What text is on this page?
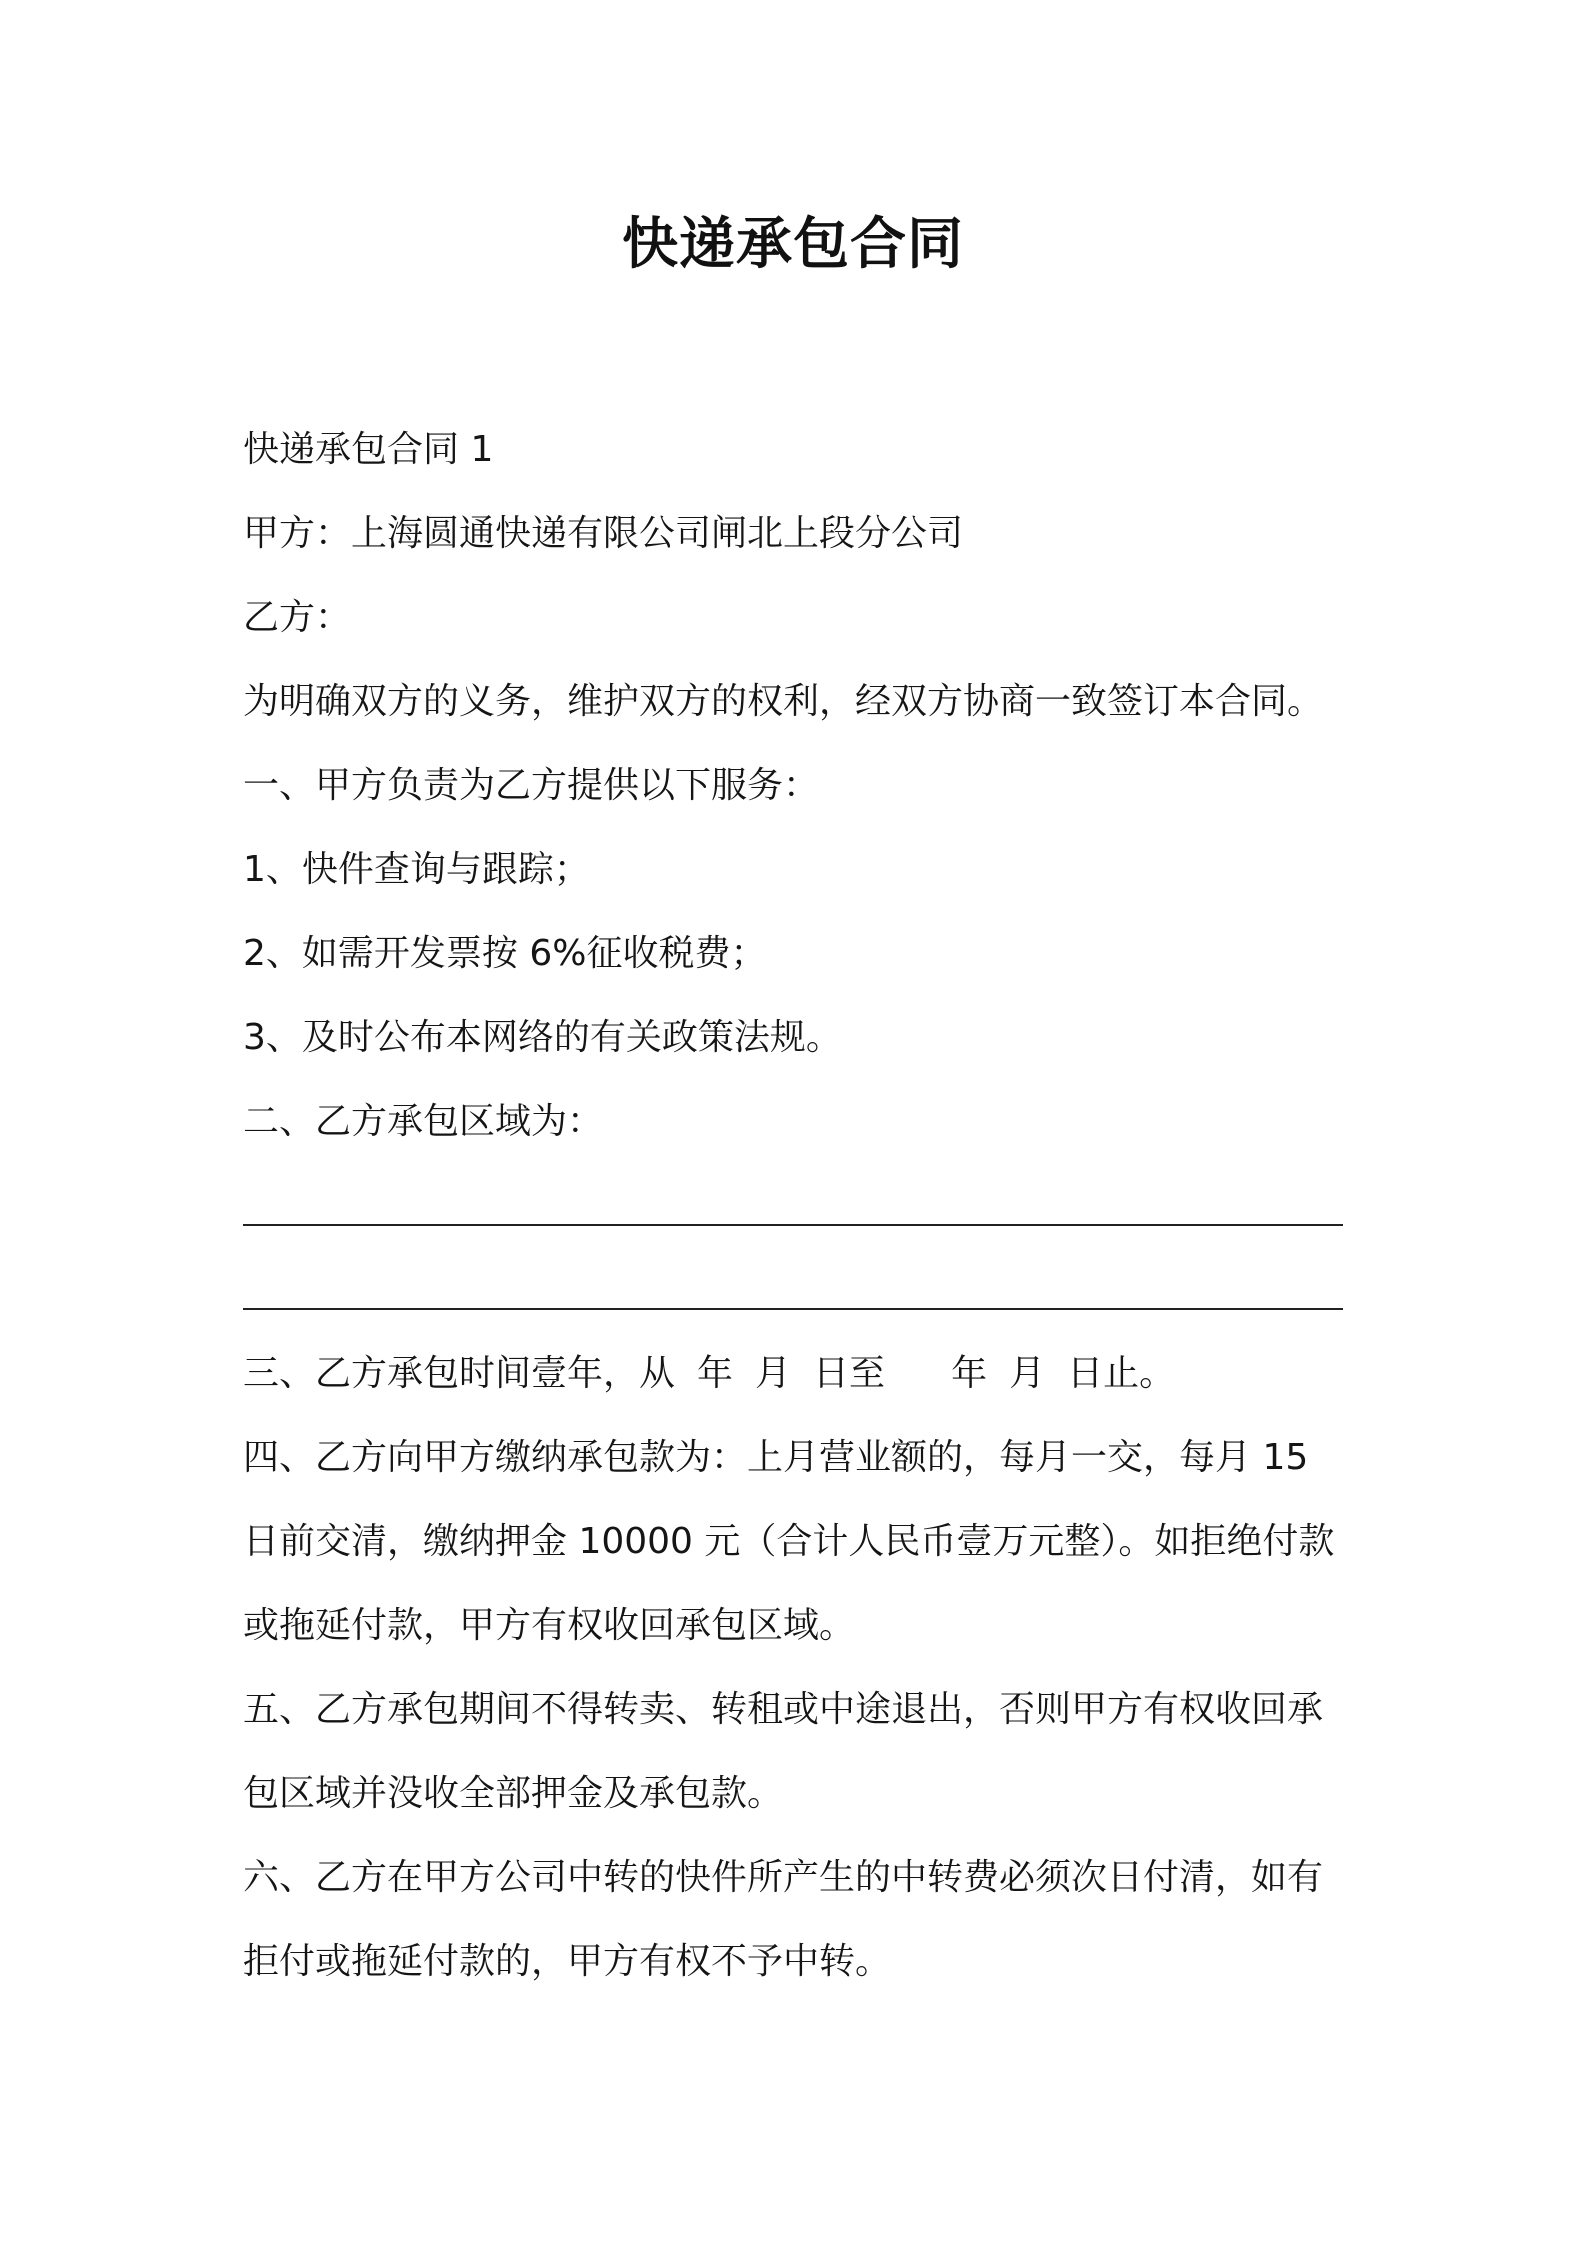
快递承包合同
快递承包合同 1
甲方：上海圆通快递有限公司闸北上段分公司
乙方：
为明确双方的义务，维护双方的权利，经双方协商一致签订本合同。
一、甲方负责为乙方提供以下服务：
1、快件查询与跟踪；
2、如需开发票按 6%征收税费；
3、及时公布本网络的有关政策法规。
二、乙方承包区域为：
三、乙方承包时间壹年，从 年 月 日至 年 月 日止。
四、乙方向甲方缴纳承包款为：上月营业额的，每月一交，每月 15
日前交清，缴纳押金 10000 元（合计人民币壹万元整）。如拒绝付款
或拖延付款，甲方有权收回承包区域。
五、乙方承包期间不得转卖、转租或中途退出，否则甲方有权收回承
包区域并没收全部押金及承包款。
六、乙方在甲方公司中转的快件所产生的中转费必须次日付清，如有
拒付或拖延付款的，甲方有权不予中转。
